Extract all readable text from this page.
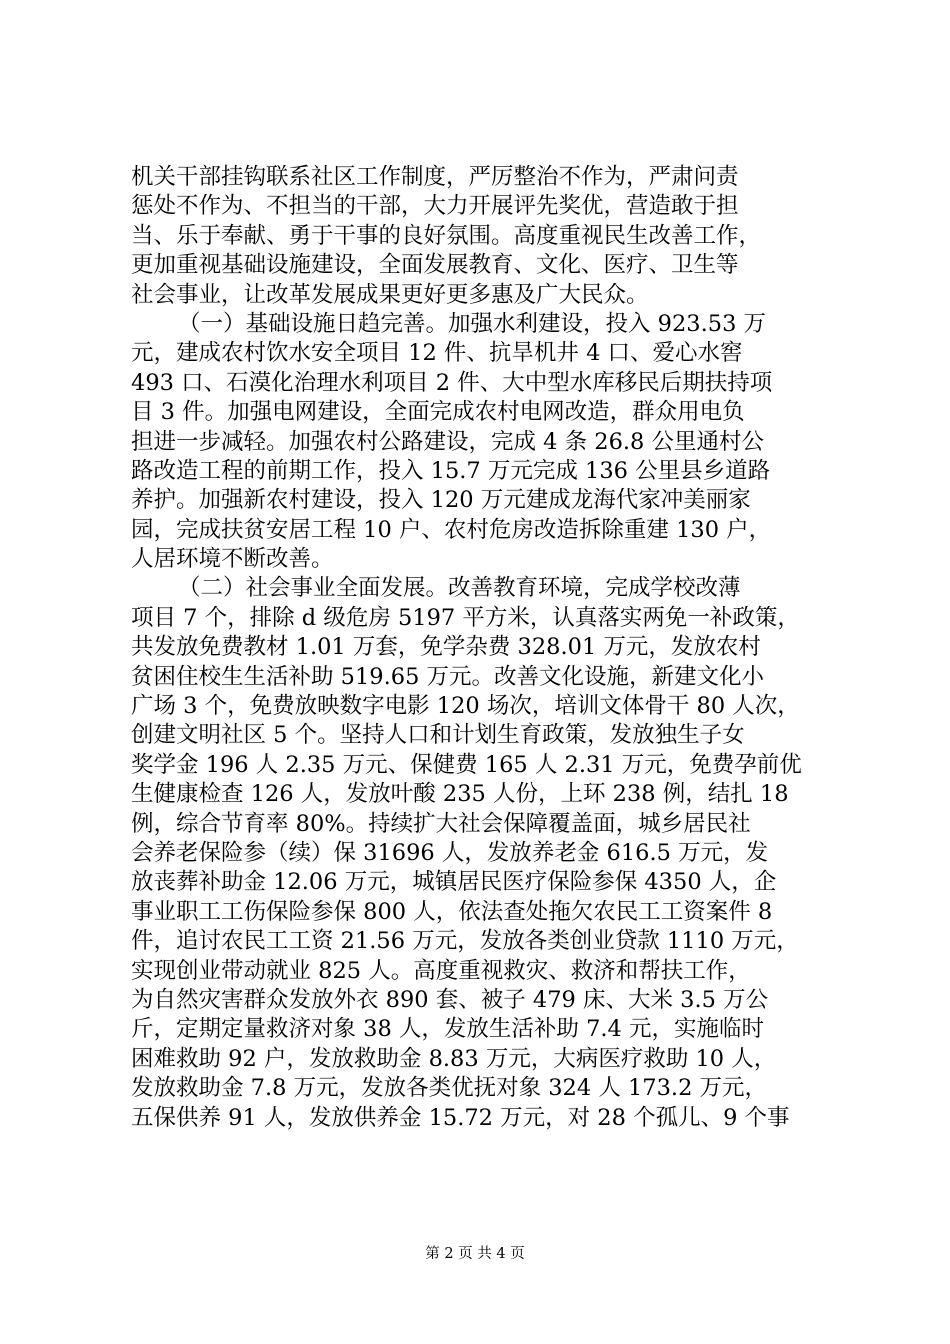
机关干部挂钩联系社区工作制度，严厉整治不作为，严肃问责
惩处不作为、不担当的干部，大力开展评先奖优，营造敢于担
当、乐于奉献、勇于干事的良好氛围。高度重视民生改善工作，
更加重视基础设施建设，全面发展教育、文化、医疗、卫生等
社会事业，让改革发展成果更好更多惠及广大民众。
（一）基础设施日趋完善。加强水利建设，投入 923.53 万
元，建成农村饮水安全项目 12 件、抗旱机井 4 口、爱心水窖
493 口、石漠化治理水利项目 2 件、大中型水库移民后期扶持项
目 3 件。加强电网建设，全面完成农村电网改造，群众用电负
担进一步减轻。加强农村公路建设，完成 4 条 26.8 公里通村公
路改造工程的前期工作，投入 15.7 万元完成 136 公里县乡道路
养护。加强新农村建设，投入 120 万元建成龙海代家冲美丽家
园，完成扶贫安居工程 10 户、农村危房改造拆除重建 130 户，
人居环境不断改善。
（二）社会事业全面发展。改善教育环境，完成学校改薄
项目 7 个，排除 d 级危房 5197 平方米，认真落实两免一补政策，
共发放免费教材 1.01 万套，免学杂费 328.01 万元，发放农村
贫困住校生生活补助 519.65 万元。改善文化设施，新建文化小
广场 3 个，免费放映数字电影 120 场次，培训文体骨干 80 人次，
创建文明社区 5 个。坚持人口和计划生育政策，发放独生子女
奖学金 196 人 2.35 万元、保健费 165 人 2.31 万元，免费孕前优
生健康检查 126 人，发放叶酸 235 人份，上环 238 例，结扎 18
例，综合节育率 80%。持续扩大社会保障覆盖面，城乡居民社
会养老保险参（续）保 31696 人，发放养老金 616.5 万元，发
放丧葬补助金 12.06 万元，城镇居民医疗保险参保 4350 人，企
事业职工工伤保险参保 800 人，依法查处拖欠农民工工资案件 8
件，追讨农民工工资 21.56 万元，发放各类创业贷款 1110 万元，
实现创业带动就业 825 人。高度重视救灾、救济和帮扶工作，
为自然灾害群众发放外衣 890 套、被子 479 床、大米 3.5 万公
斤，定期定量救济对象 38 人，发放生活补助 7.4 元，实施临时
困难救助 92 户，发放救助金 8.83 万元，大病医疗救助 10 人，
发放救助金 7.8 万元，发放各类优抚对象 324 人 173.2 万元，
五保供养 91 人，发放供养金 15.72 万元，对 28 个孤儿、9 个事
第 2 页 共 4 页
